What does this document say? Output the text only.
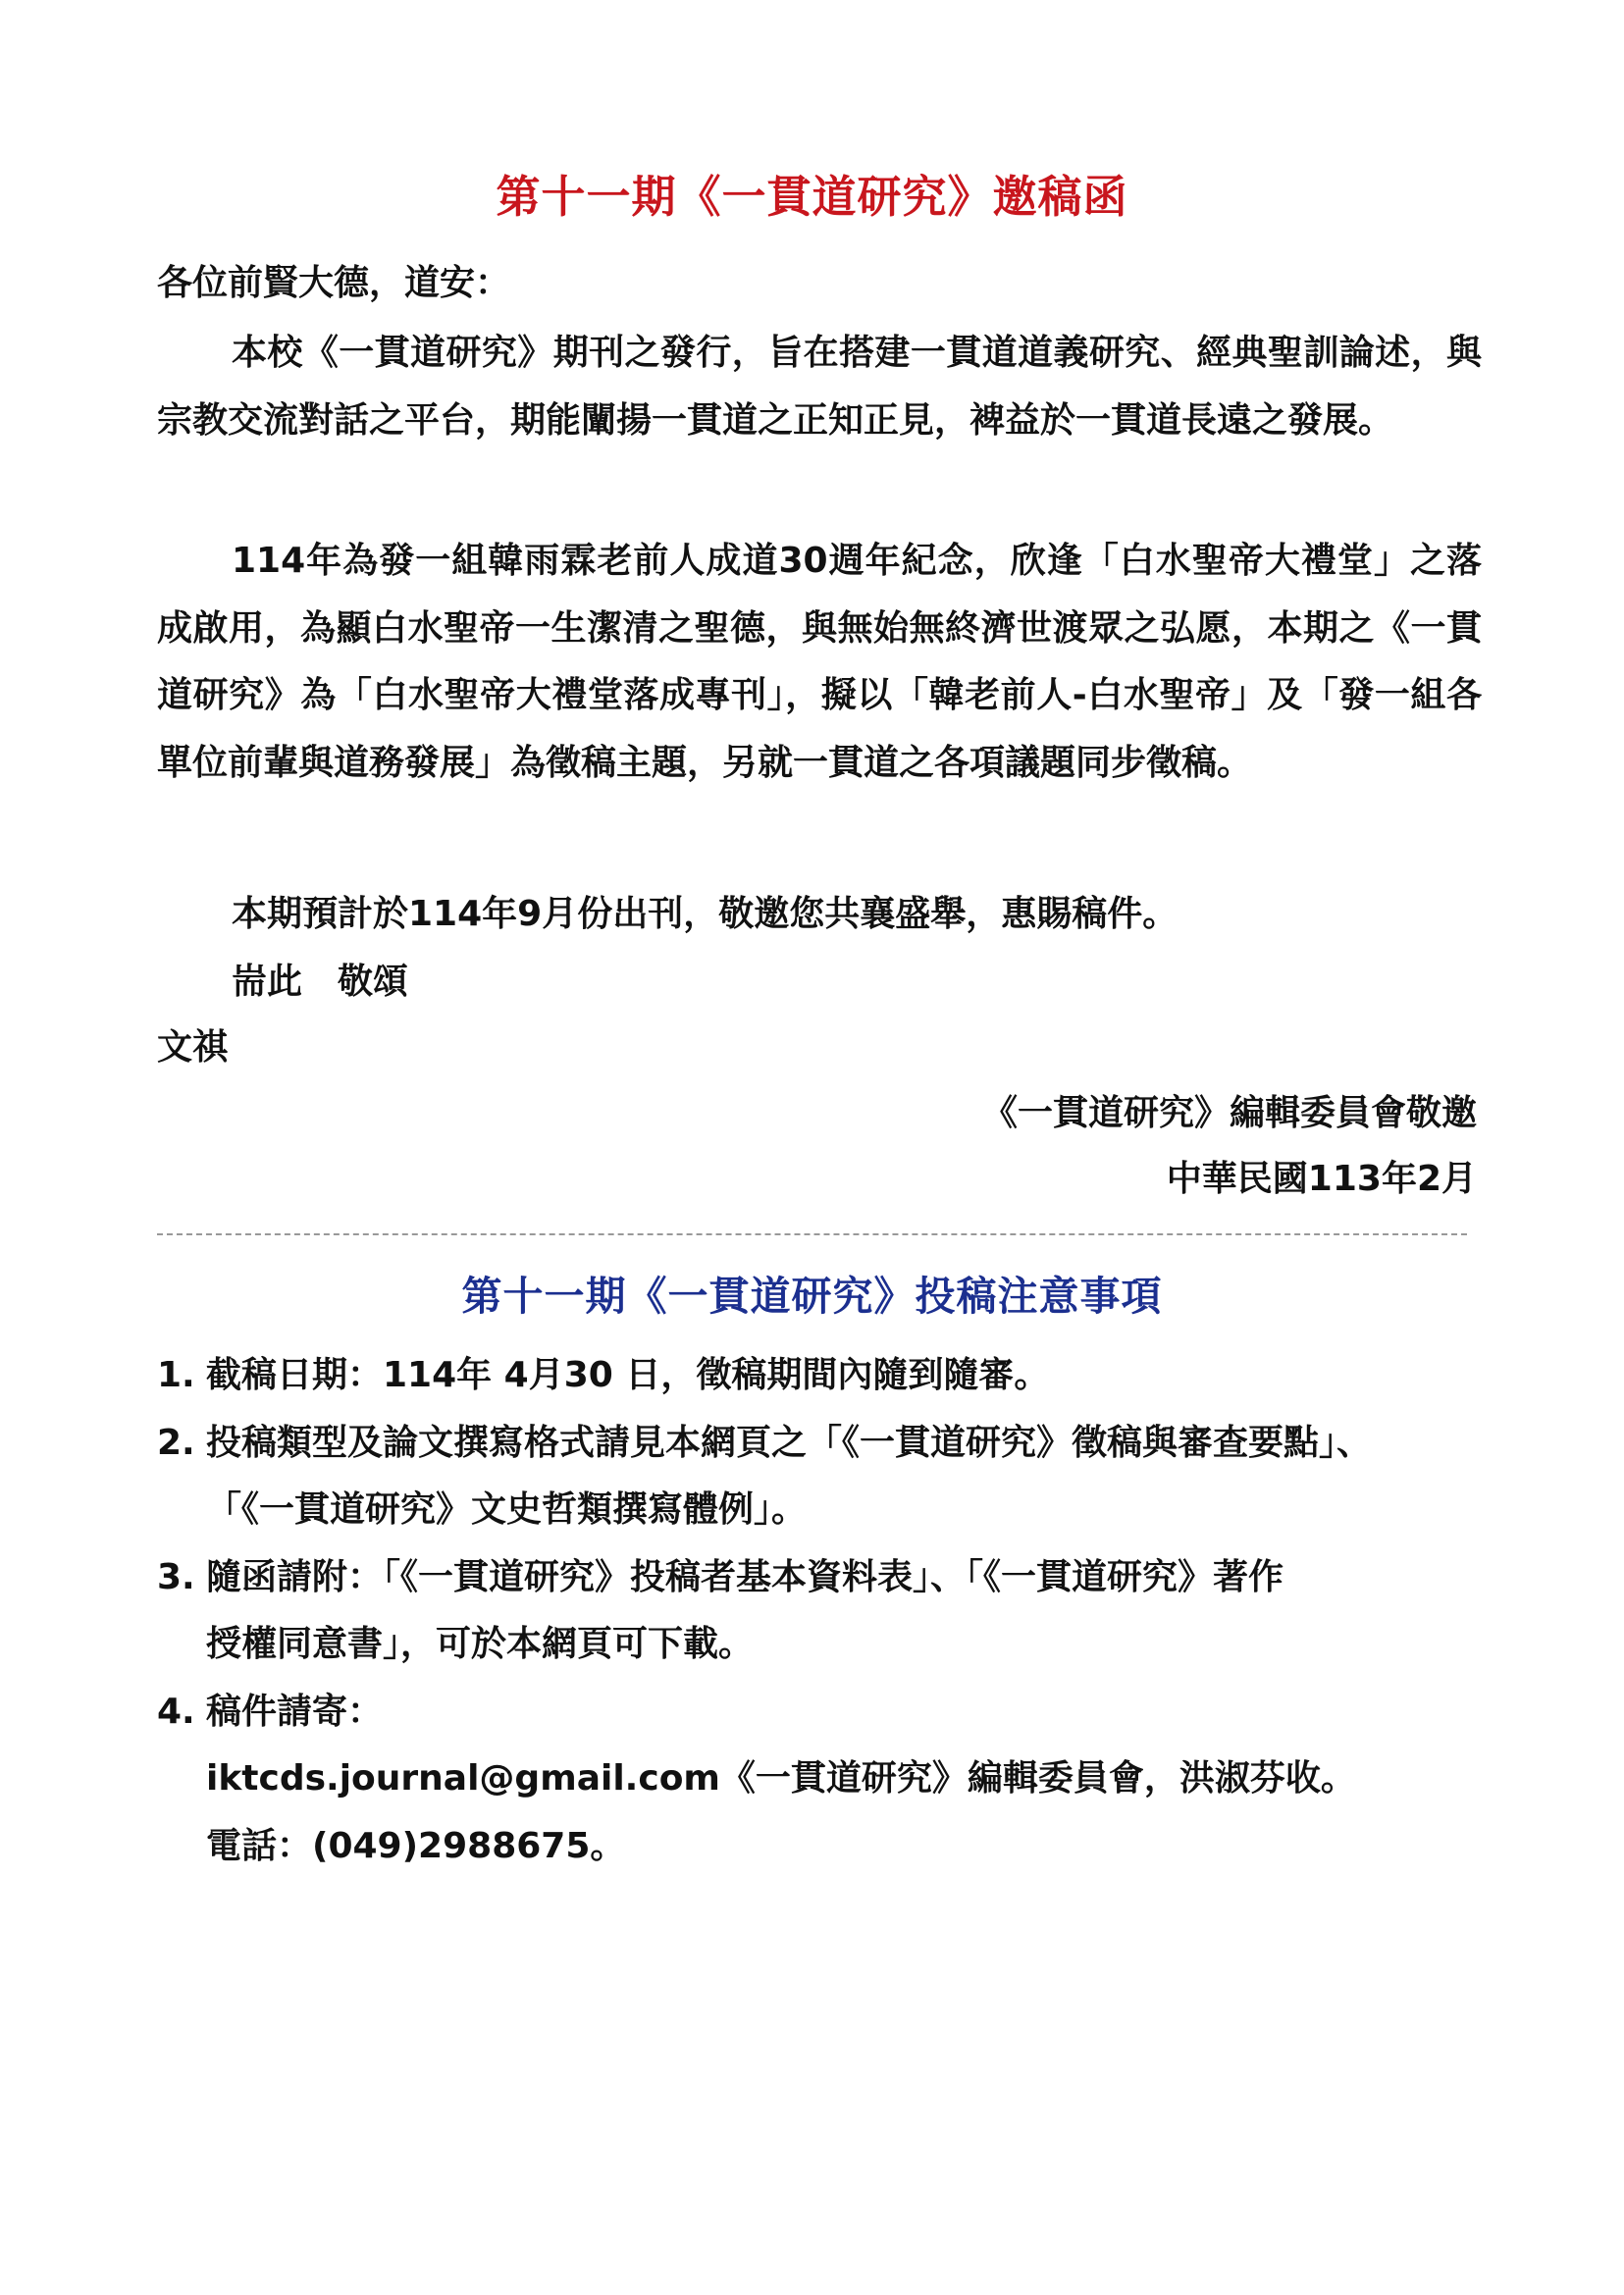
第十一期《一貫道研究》邀稿函
各位前賢大德，道安：
本校《一貫道研究》期刊之發行，旨在搭建一貫道道義研究、經典聖訓論述，與宗教交流對話之平台，期能闡揚一貫道之正知正見，裨益於一貫道長遠之發展。
114年為發一組韓雨霖老前人成道30週年紀念，欣逢「白水聖帝大禮堂」之落成啟用，為顯白水聖帝一生潔清之聖德，與無始無終濟世渡眾之弘愿，本期之《一貫道研究》為「白水聖帝大禮堂落成專刊」，擬以「韓老前人-白水聖帝」及「發一組各單位前輩與道務發展」為徵稿主題，另就一貫道之各項議題同步徵稿。
本期預計於114年9月份出刊，敬邀您共襄盛舉，惠賜稿件。
耑此　敬頌
文祺
《一貫道研究》編輯委員會敬邀
中華民國113年2月
第十一期《一貫道研究》投稿注意事項
1. 截稿日期：114年 4月30 日，徵稿期間內隨到隨審。
2. 投稿類型及論文撰寫格式請見本網頁之「《一貫道研究》徵稿與審查要點」、
「《一貫道研究》文史哲類撰寫體例」。
3. 隨函請附：「《一貫道研究》投稿者基本資料表」、「《一貫道研究》著作
授權同意書」，可於本網頁可下載。
4. 稿件請寄：
iktcds.journal@gmail.com《一貫道研究》編輯委員會，洪淑芬收。
電話：(049)2988675。
